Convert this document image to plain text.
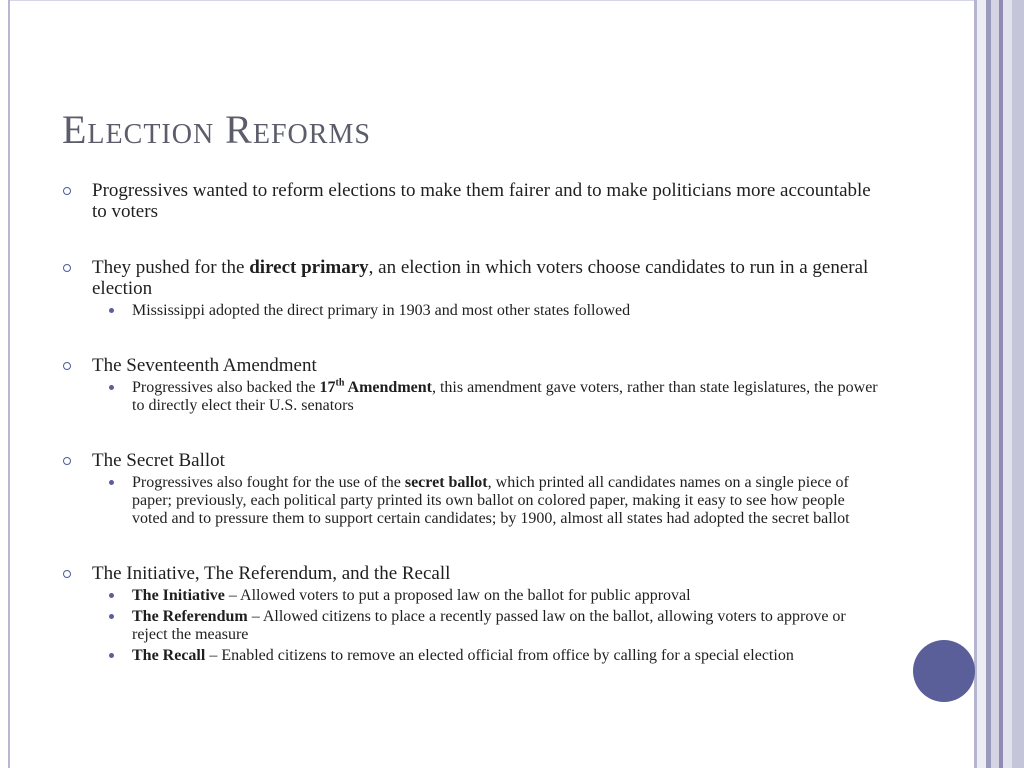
Election Reforms
Progressives wanted to reform elections to make them fairer and to make politicians more accountable to voters
They pushed for the direct primary, an election in which voters choose candidates to run in a general election
Mississippi adopted the direct primary in 1903 and most other states followed
The Seventeenth Amendment
Progressives also backed the 17th Amendment, this amendment gave voters, rather than state legislatures, the power to directly elect their U.S. senators
The Secret Ballot
Progressives also fought for the use of the secret ballot, which printed all candidates names on a single piece of paper; previously, each political party printed its own ballot on colored paper, making it easy to see how people voted and to pressure them to support certain candidates; by 1900, almost all states had adopted the secret ballot
The Initiative, The Referendum, and the Recall
The Initiative – Allowed voters to put a proposed law on the ballot for public approval
The Referendum – Allowed citizens to place a recently passed law on the ballot, allowing voters to approve or reject the measure
The Recall – Enabled citizens to remove an elected official from office by calling for a special election
